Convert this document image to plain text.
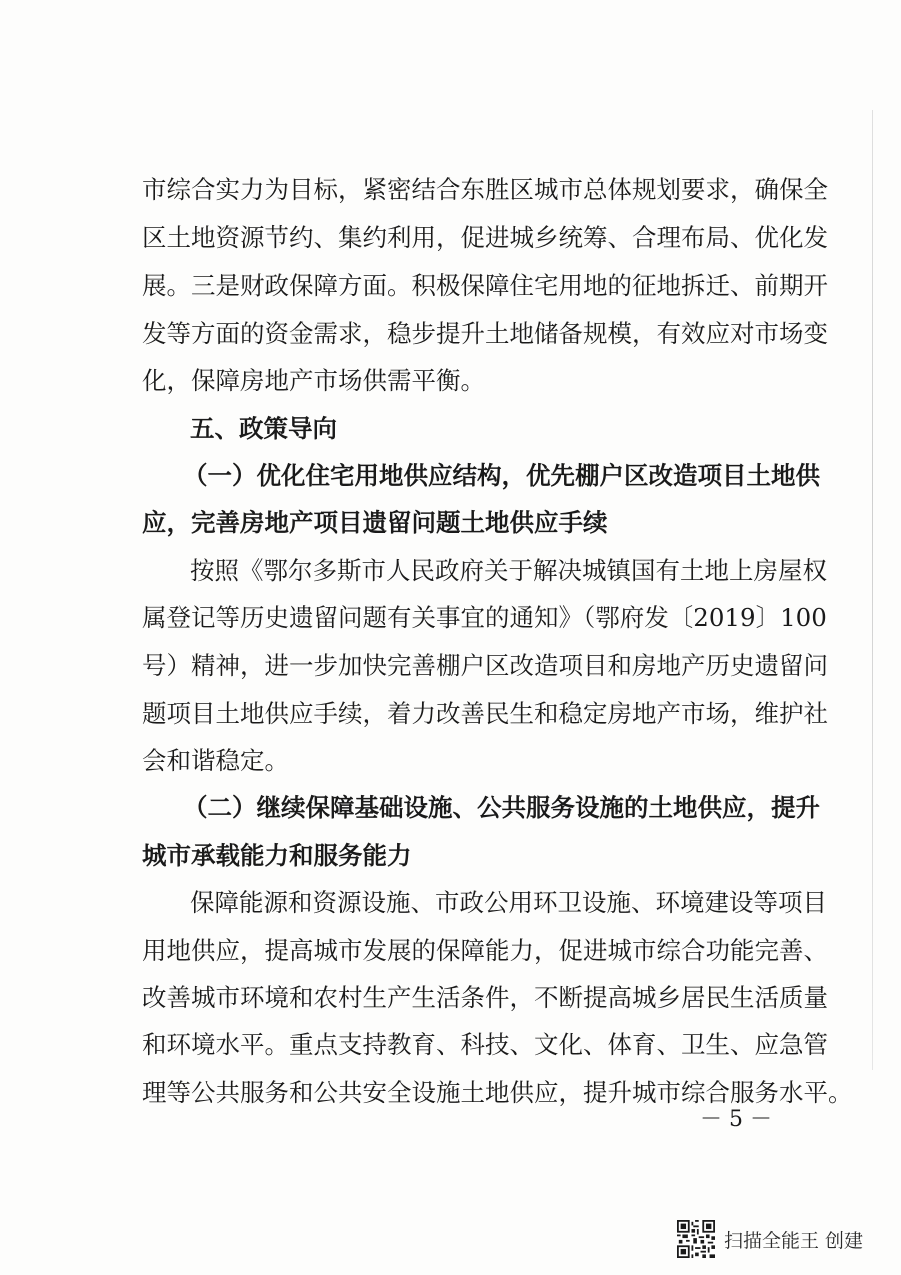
市综合实力为目标，紧密结合东胜区城市总体规划要求，确保全
区土地资源节约、集约利用，促进城乡统筹、合理布局、优化发
展。三是财政保障方面。积极保障住宅用地的征地拆迁、前期开
发等方面的资金需求，稳步提升土地储备规模，有效应对市场变
化，保障房地产市场供需平衡。
五、政策导向
（一）优化住宅用地供应结构，优先棚户区改造项目土地供
应，完善房地产项目遗留问题土地供应手续
按照《鄂尔多斯市人民政府关于解决城镇国有土地上房屋权
属登记等历史遗留问题有关事宜的通知》（鄂府发〔2019〕100
号）精神，进一步加快完善棚户区改造项目和房地产历史遗留问
题项目土地供应手续，着力改善民生和稳定房地产市场，维护社
会和谐稳定。
（二）继续保障基础设施、公共服务设施的土地供应，提升
城市承载能力和服务能力
保障能源和资源设施、市政公用环卫设施、环境建设等项目
用地供应，提高城市发展的保障能力，促进城市综合功能完善、
改善城市环境和农村生产生活条件，不断提高城乡居民生活质量
和环境水平。重点支持教育、科技、文化、体育、卫生、应急管
理等公共服务和公共安全设施土地供应，提升城市综合服务水平。
－ 5 －
扫描全能王 创建
